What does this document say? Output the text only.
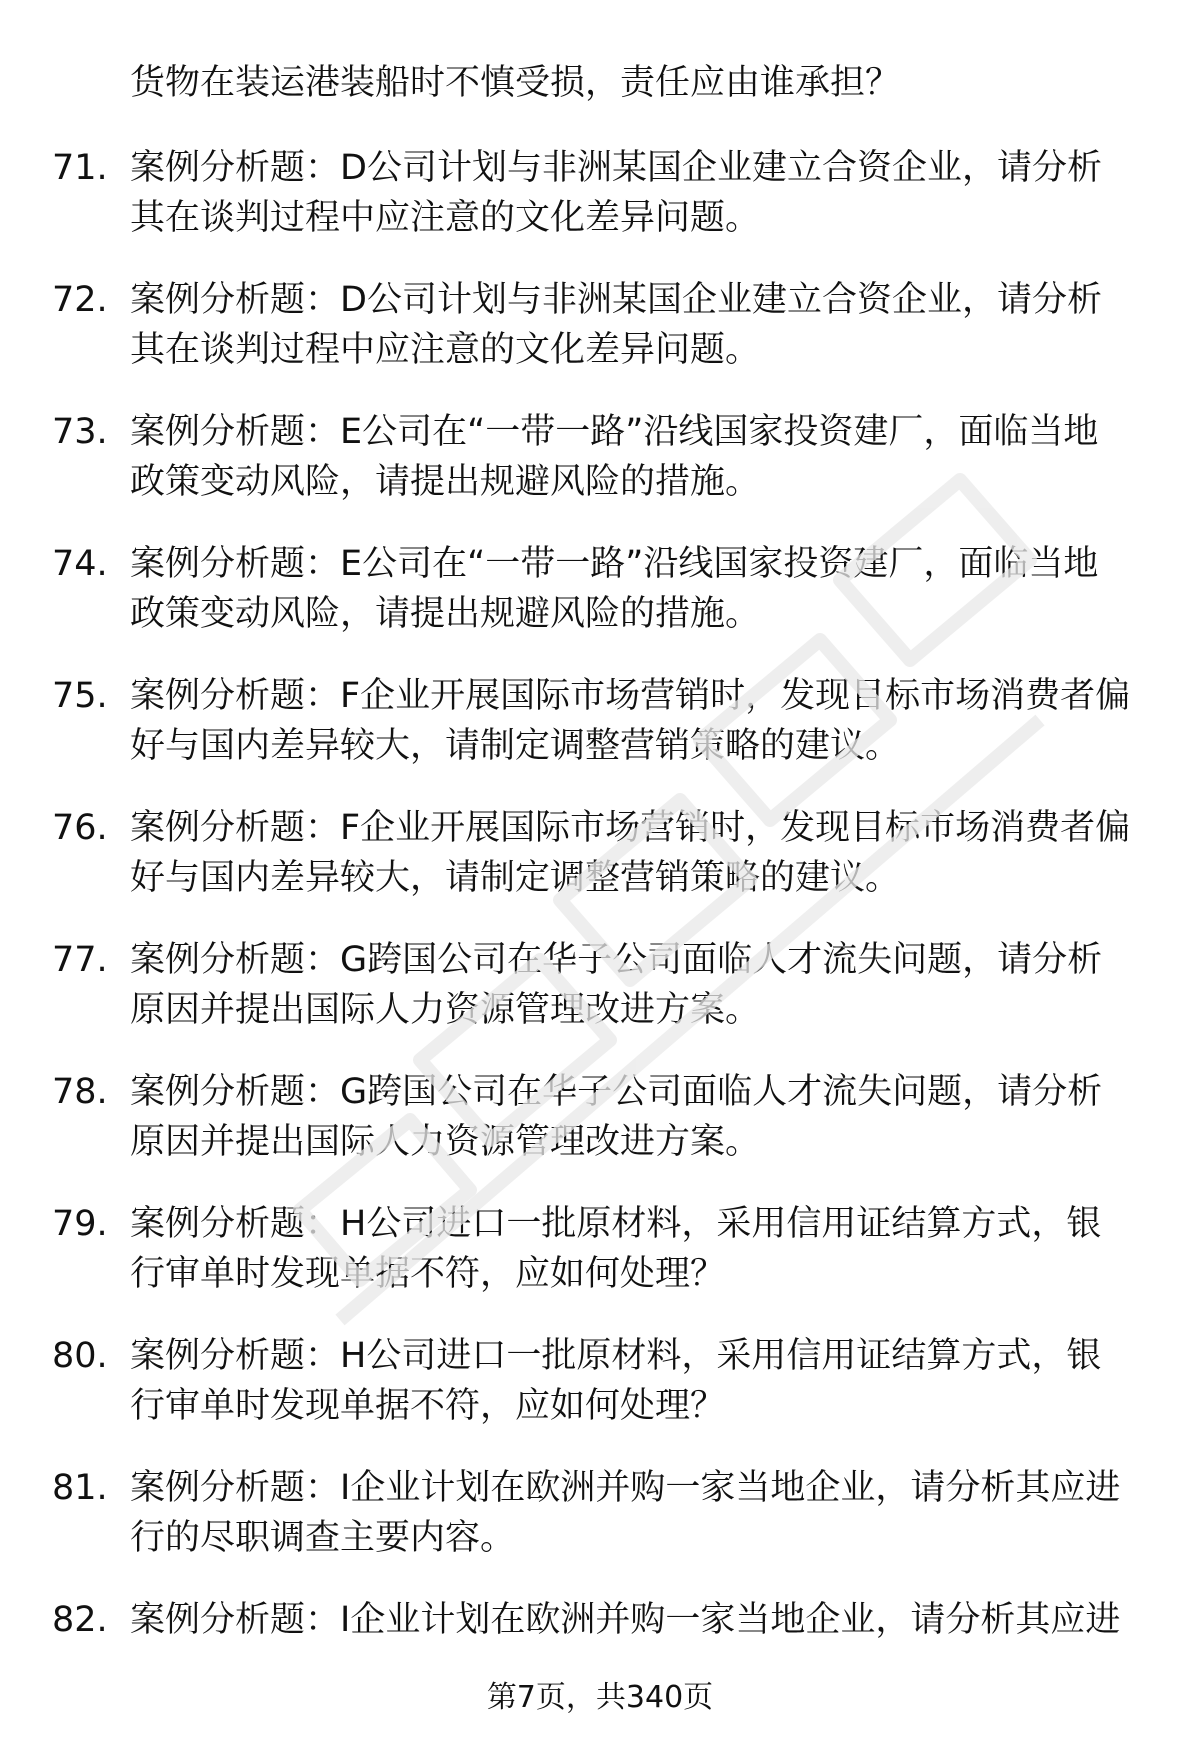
货物在装运港装船时不慎受损，责任应由谁承担？
71. 案例分析题：D公司计划与非洲某国企业建立合资企业，请分析
其在谈判过程中应注意的文化差异问题。
72. 案例分析题：D公司计划与非洲某国企业建立合资企业，请分析
其在谈判过程中应注意的文化差异问题。
73. 案例分析题：E公司在“一带一路”沿线国家投资建厂，面临当地
政策变动风险，请提出规避风险的措施。
74. 案例分析题：E公司在“一带一路”沿线国家投资建厂，面临当地
政策变动风险，请提出规避风险的措施。
75. 案例分析题：F企业开展国际市场营销时，发现目标市场消费者偏
好与国内差异较大，请制定调整营销策略的建议。
76. 案例分析题：F企业开展国际市场营销时，发现目标市场消费者偏
好与国内差异较大，请制定调整营销策略的建议。
77. 案例分析题：G跨国公司在华子公司面临人才流失问题，请分析
原因并提出国际人力资源管理改进方案。
78. 案例分析题：G跨国公司在华子公司面临人才流失问题，请分析
原因并提出国际人力资源管理改进方案。
79. 案例分析题：H公司进口一批原材料，采用信用证结算方式，银
行审单时发现单据不符，应如何处理？
80. 案例分析题：H公司进口一批原材料，采用信用证结算方式，银
行审单时发现单据不符，应如何处理？
81. 案例分析题：I企业计划在欧洲并购一家当地企业，请分析其应进
行的尽职调查主要内容。
82. 案例分析题：I企业计划在欧洲并购一家当地企业，请分析其应进
第7页，共340页
